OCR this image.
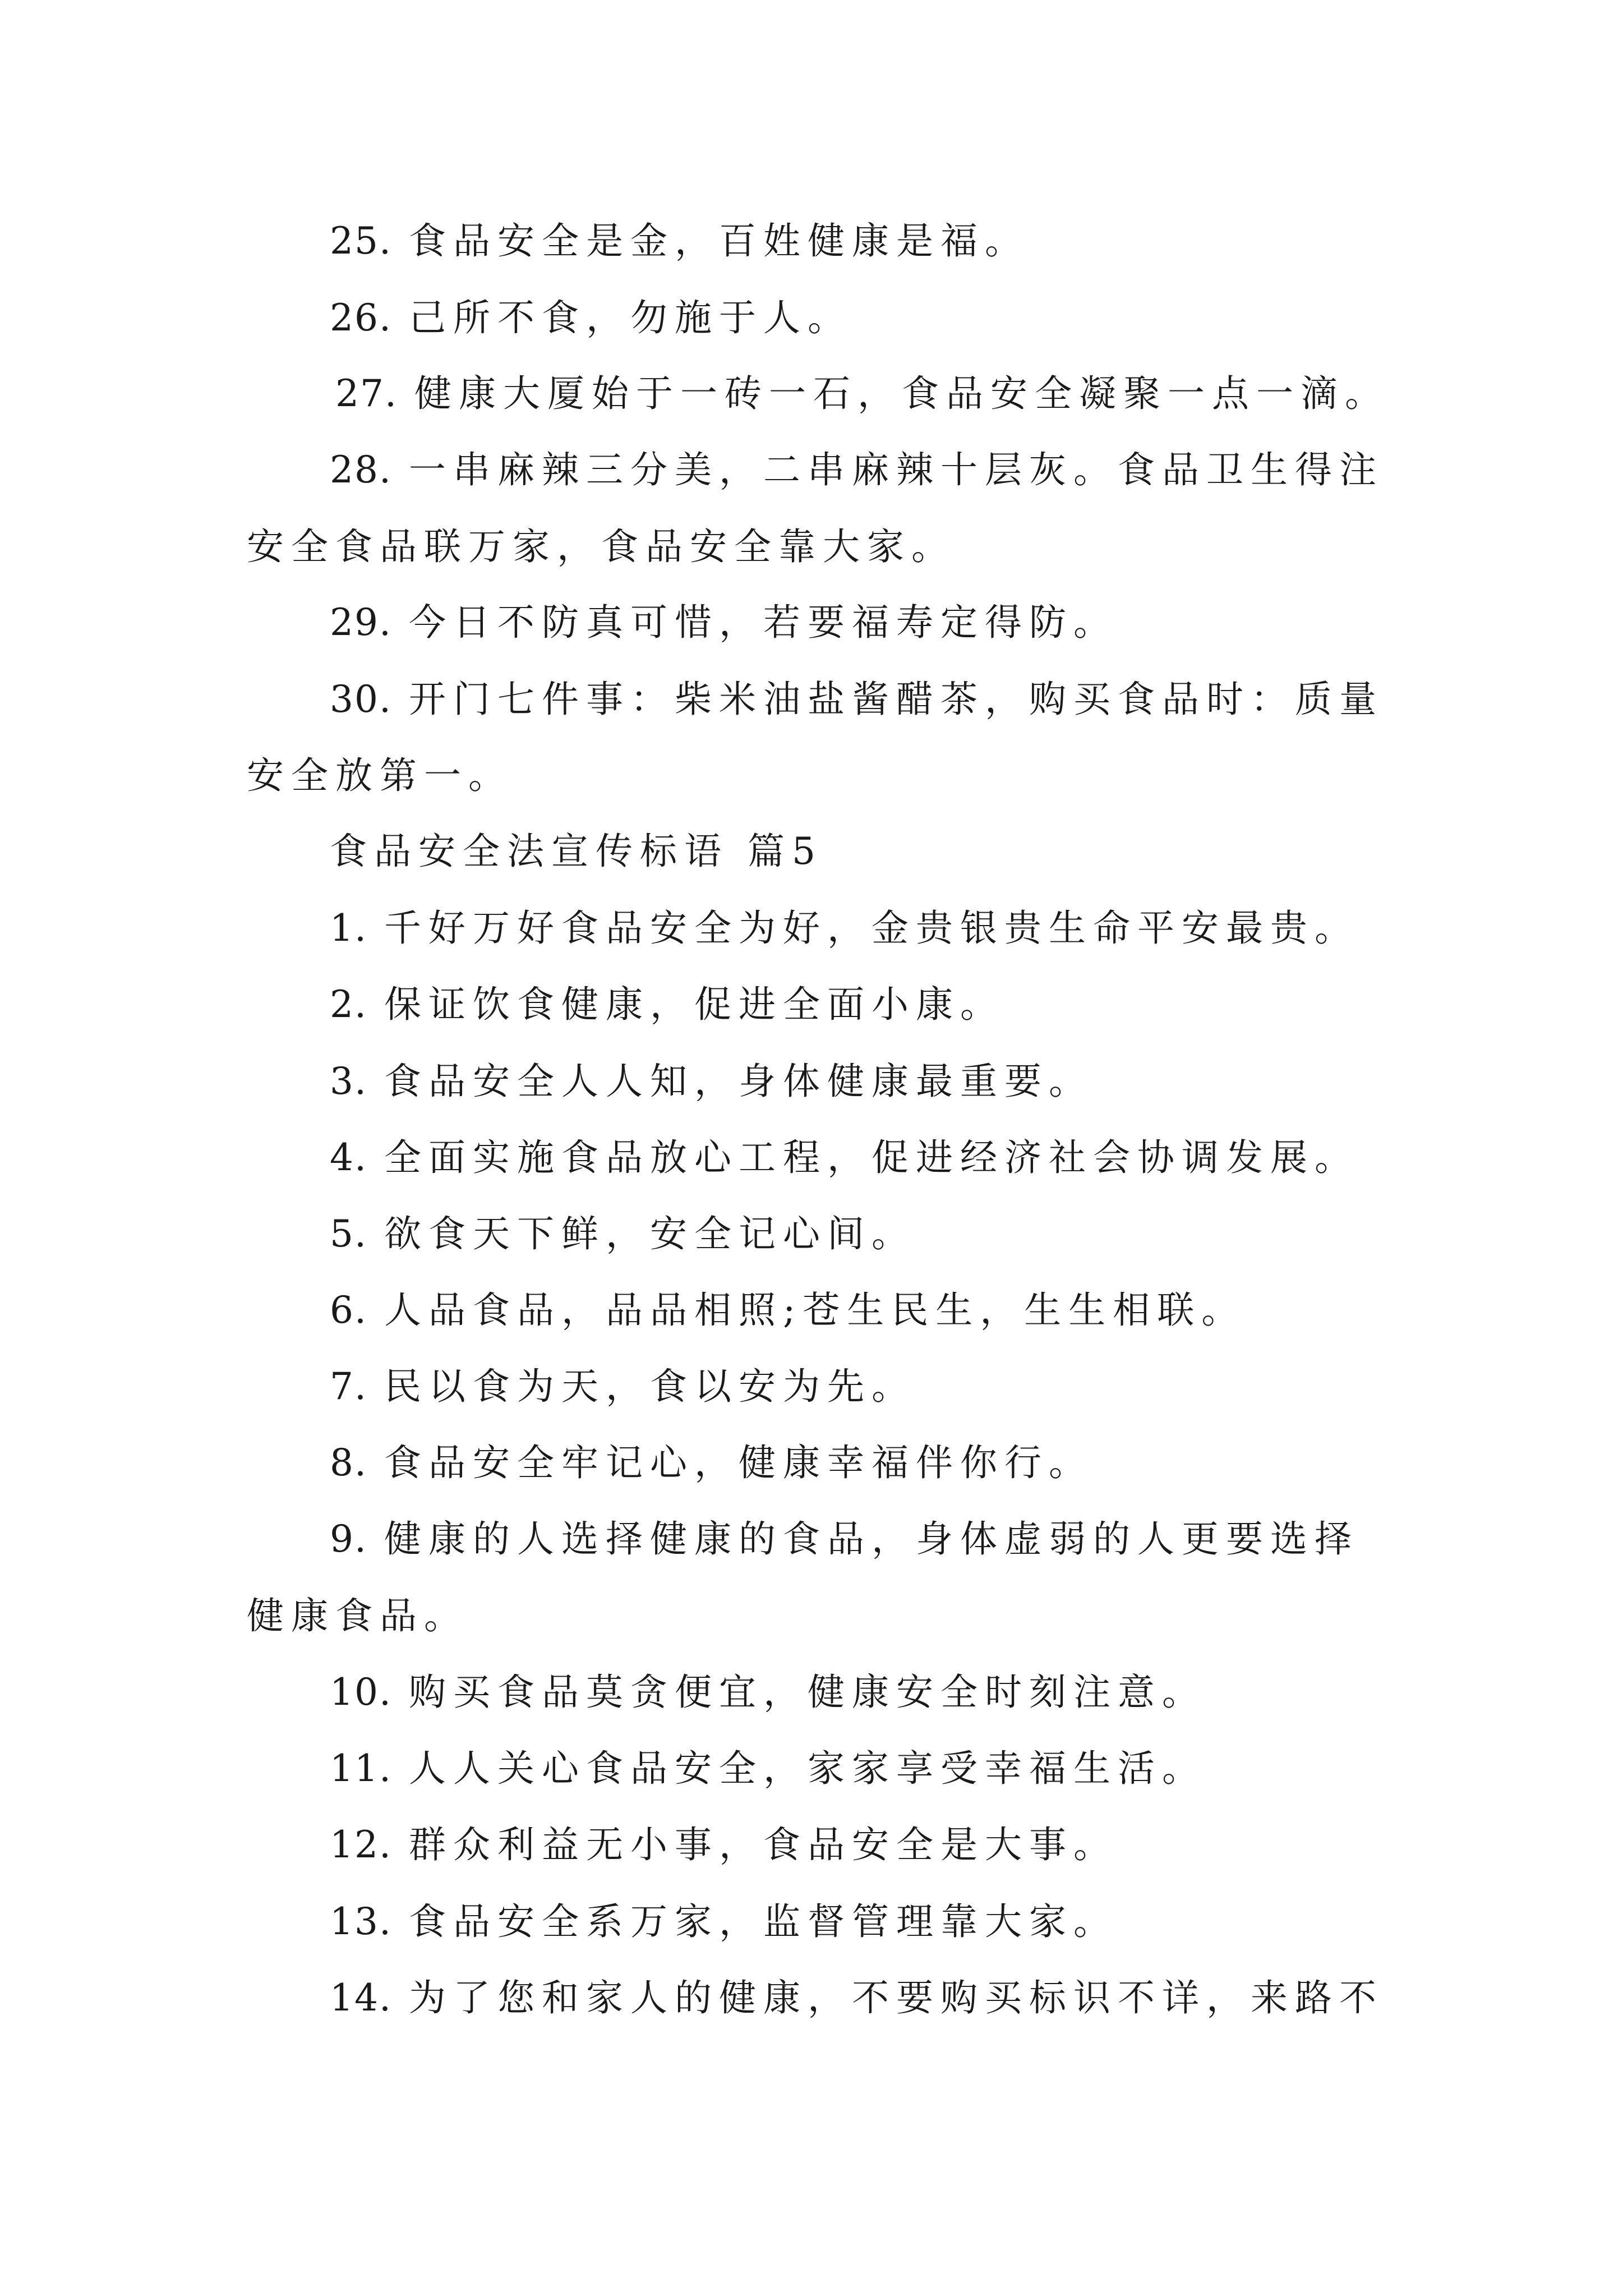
25. 食品安全是金，百姓健康是福。
26. 己所不食，勿施于人。
27. 健康大厦始于一砖一石，食品安全凝聚一点一滴。
28. 一串麻辣三分美，二串麻辣十层灰。食品卫生得注
安全食品联万家，食品安全靠大家。
29. 今日不防真可惜，若要福寿定得防。
30. 开门七件事：柴米油盐酱醋茶，购买食品时：质量
安全放第一。
食品安全法宣传标语 篇5
1. 千好万好食品安全为好，金贵银贵生命平安最贵。
2. 保证饮食健康，促进全面小康。
3. 食品安全人人知，身体健康最重要。
4. 全面实施食品放心工程，促进经济社会协调发展。
5. 欲食天下鲜，安全记心间。
6. 人品食品，品品相照;苍生民生，生生相联。
7. 民以食为天，食以安为先。
8. 食品安全牢记心，健康幸福伴你行。
9. 健康的人选择健康的食品，身体虚弱的人更要选择
健康食品。
10. 购买食品莫贪便宜，健康安全时刻注意。
11. 人人关心食品安全，家家享受幸福生活。
12. 群众利益无小事，食品安全是大事。
13. 食品安全系万家，监督管理靠大家。
14. 为了您和家人的健康，不要购买标识不详，来路不
